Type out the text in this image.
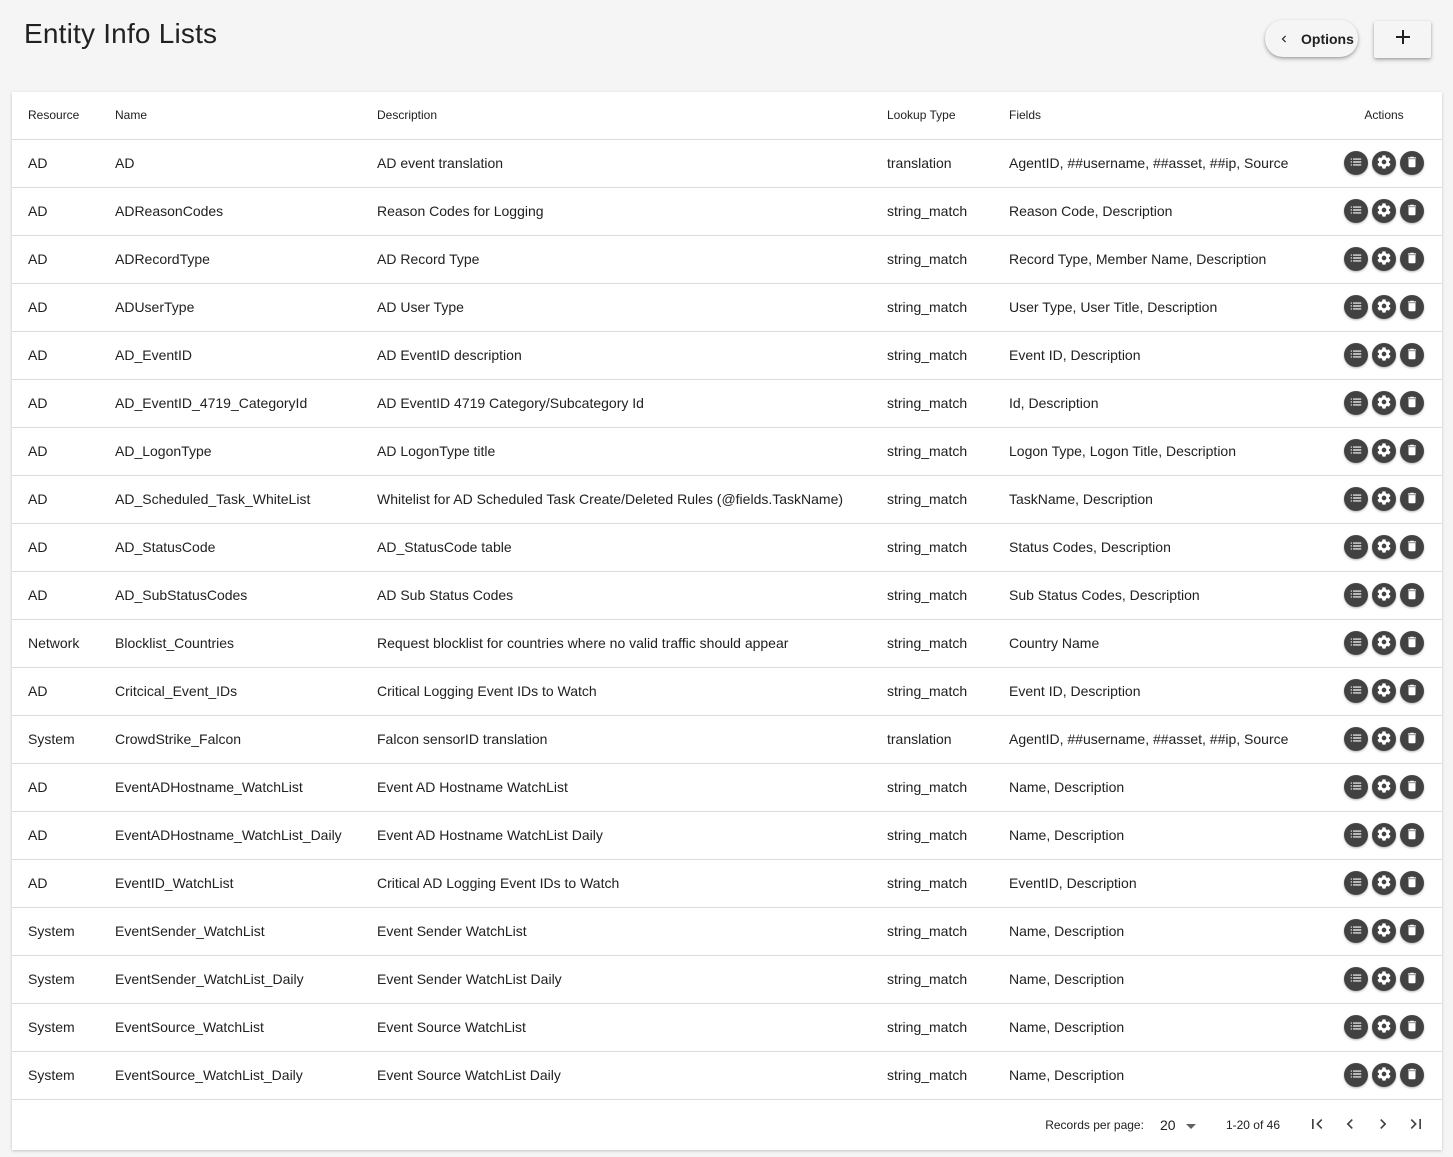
Entity Info Lists	Options
Resource	Name	Description	Lookup Type	Fields	Actions
AD	AD	AD event translation	translation	AgentID, ##username, ##asset, ##ip, Source	

AD	ADReasonCodes	Reason Codes for Logging	string_match	Reason Code, Description	

AD	ADRecordType	AD Record Type	string_match	Record Type, Member Name, Description	

AD	ADUserType	AD User Type	string_match	User Type, User Title, Description	

AD	AD_EventID	AD EventID description	string_match	Event ID, Description	

AD	AD_EventID_4719_CategoryId	AD EventID 4719 Category/Subcategory Id	string_match	Id, Description	

AD	AD_LogonType	AD LogonType title	string_match	Logon Type, Logon Title, Description	

AD	AD_Scheduled_Task_WhiteList	Whitelist for AD Scheduled Task Create/Deleted Rules (@fields.TaskName)	string_match	TaskName, Description	

AD	AD_StatusCode	AD_StatusCode table	string_match	Status Codes, Description	

AD	AD_SubStatusCodes	AD Sub Status Codes	string_match	Sub Status Codes, Description	

Network	Blocklist_Countries	Request blocklist for countries where no valid traffic should appear	string_match	Country Name	

AD	Critcical_Event_IDs	Critical Logging Event IDs to Watch	string_match	Event ID, Description	

System	CrowdStrike_Falcon	Falcon sensorID translation	translation	AgentID, ##username, ##asset, ##ip, Source	

AD	EventADHostname_WatchList	Event AD Hostname WatchList	string_match	Name, Description	

AD	EventADHostname_WatchList_Daily	Event AD Hostname WatchList Daily	string_match	Name, Description	

AD	EventID_WatchList	Critical AD Logging Event IDs to Watch	string_match	EventID, Description	

System	EventSender_WatchList	Event Sender WatchList	string_match	Name, Description	

System	EventSender_WatchList_Daily	Event Sender WatchList Daily	string_match	Name, Description	

System	EventSource_WatchList	Event Source WatchList	string_match	Name, Description	

System	EventSource_WatchList_Daily	Event Source WatchList Daily	string_match	Name, Description	
Records per page: 20	1-20 of 46
